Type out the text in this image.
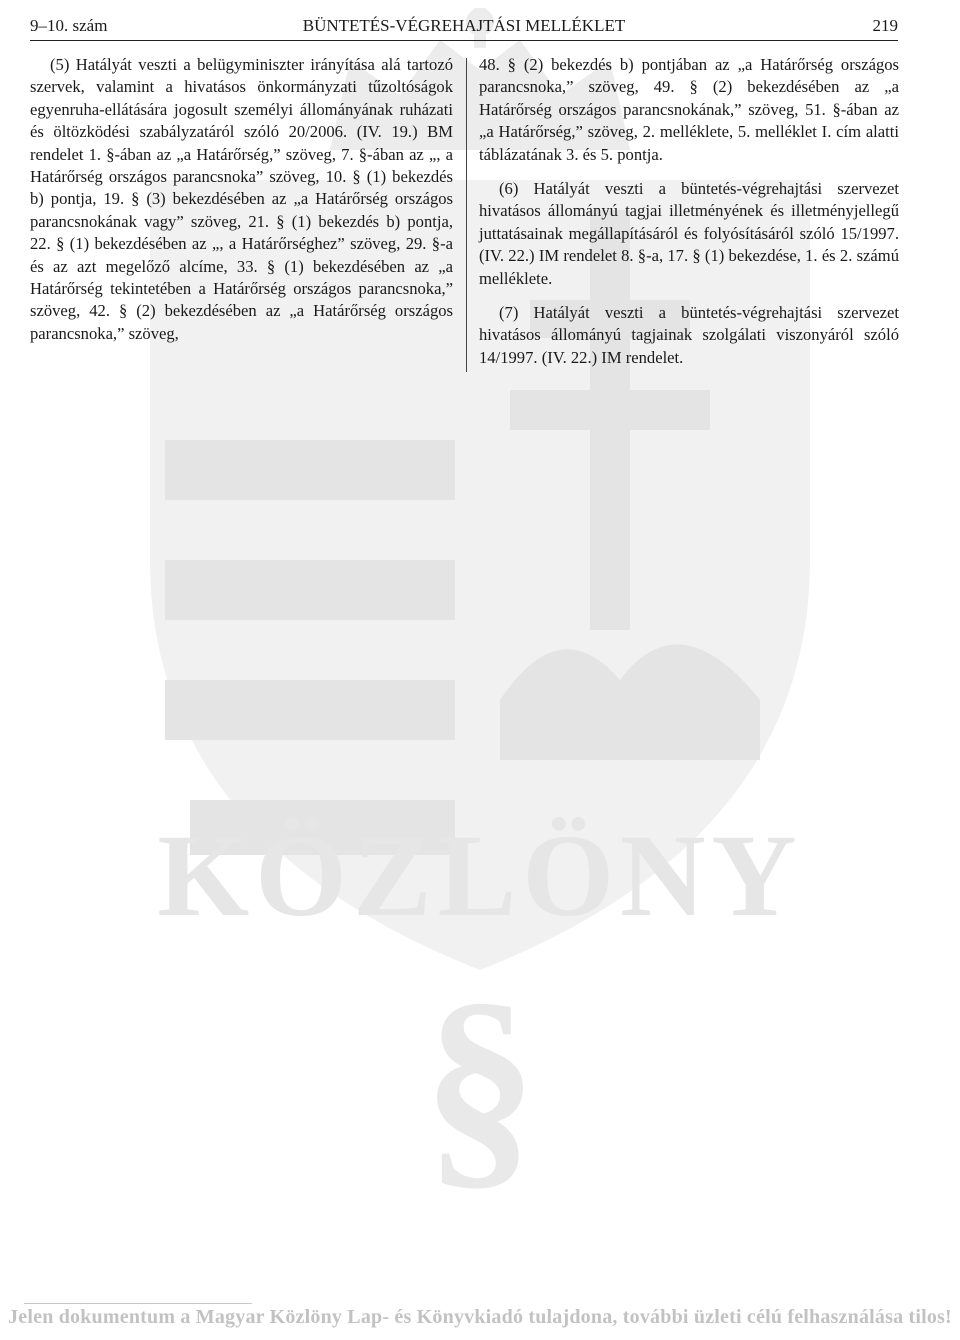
KÖZLÖNY
§
9–10. szám	BÜNTETÉS-VÉGREHAJTÁSI MELLÉKLET	219

(5) Hatályát veszti a belügyminiszter irányítása alá tartozó szervek, valamint a hivatásos önkormányzati tűzoltóságok egyenruha-ellátására jogosult személyi állományának ruházati és öltözködési szabályzatáról szóló 20/2006. (IV. 19.) BM rendelet 1. §-ában az „a Határőrség,” szöveg, 7. §-ában az „, a Határőrség országos parancsnoka” szöveg, 10. § (1) bekezdés b) pontja, 19. § (3) bekezdésében az „a Határőrség országos parancsnokának vagy” szöveg, 21. § (1) bekezdés b) pontja, 22. § (1) bekezdésében az „, a Határőrséghez” szöveg, 29. §-a és az azt megelőző alcíme, 33. § (1) bekezdésében az „a Határőrség tekintetében a Határőrség országos parancsnoka,” szöveg, 42. § (2) bekezdésében az „a Határőrség országos parancsnoka,” szöveg,

48. § (2) bekezdés b) pontjában az „a Határőrség országos parancsnoka,” szöveg, 49. § (2) bekezdésében az „a Határőrség országos parancsnokának,” szöveg, 51. §-ában az „a Határőrség,” szöveg, 2. melléklete, 5. melléklet I. cím alatti táblázatának 3. és 5. pontja.

(6) Hatályát veszti a büntetés-végrehajtási szervezet hivatásos állományú tagjai illetményének és illetményjellegű juttatásainak megállapításáról és folyósításáról szóló 15/1997. (IV. 22.) IM rendelet 8. §-a, 17. § (1) bekezdése, 1. és 2. számú melléklete.

(7) Hatályát veszti a büntetés-végrehajtási szervezet hivatásos állományú tagjainak szolgálati viszonyáról szóló 14/1997. (IV. 22.) IM rendelet.

Jelen dokumentum a Magyar Közlöny Lap- és Könyvkiadó tulajdona, további üzleti célú felhasználása tilos!
